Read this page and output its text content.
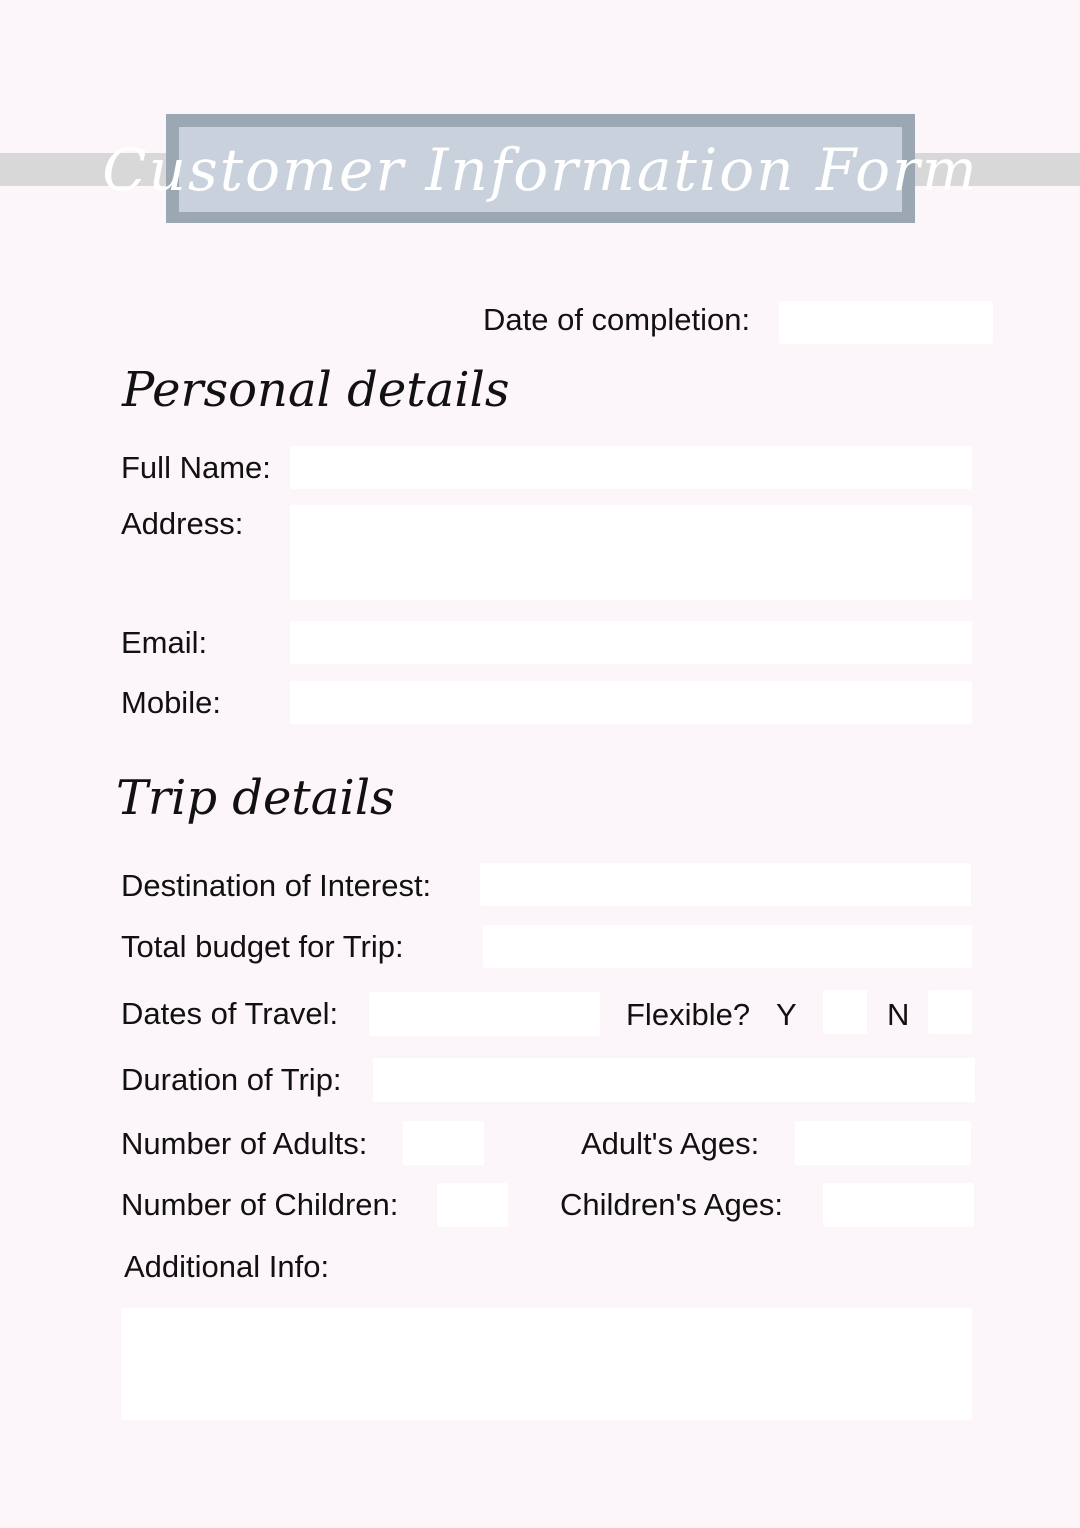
Customer Information Form
Date of completion:
Personal details
Full Name:
Address:
Email:
Mobile:
Trip details
Destination of Interest:
Total budget for Trip:
Dates of Travel:	Flexible? Y	N
Duration of Trip:
Number of Adults:	Adult's Ages:
Number of Children:	Children's Ages:
Additional Info:
